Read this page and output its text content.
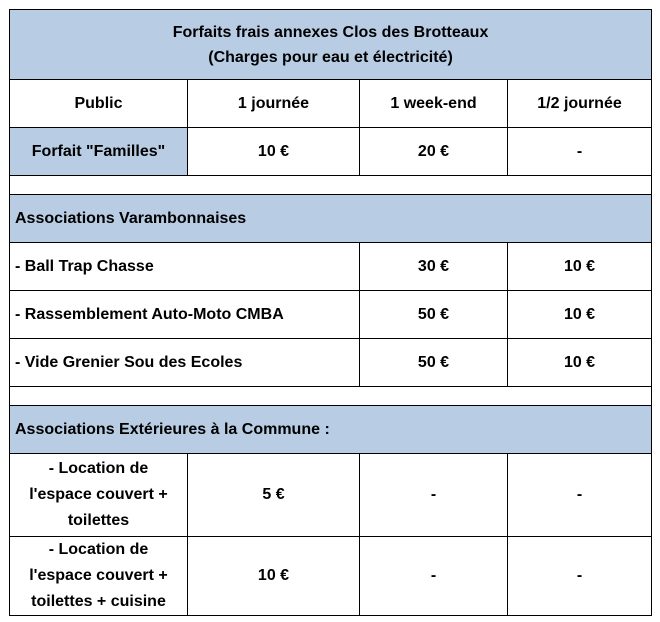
Forfaits frais annexes Clos des Brotteaux
(Charges pour eau et électricité)			

Public	1 journée	1 week-end	1/2 journée
Forfait "Familles"	10 €	20 €	-

Associations Varambonnaises			
- Ball Trap Chasse		30 €	10 €
- Rassemblement Auto-Moto CMBA		50 €	10 €
- Vide Grenier Sou des Ecoles		50 €	10 €

Associations Extérieures à la Commune :			
- Location de
l'espace couvert +
toilettes	5 €	-	-
- Location de
l'espace couvert +
toilettes + cuisine	10 €	-	-
